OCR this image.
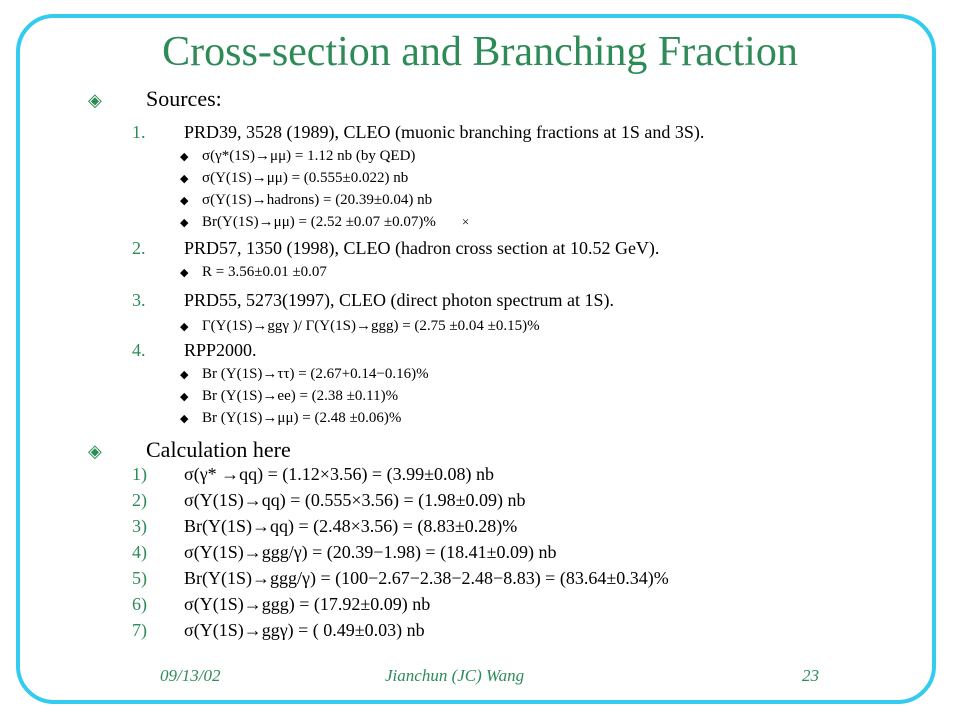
Cross-section and Branching Fraction
◈ Sources:
1. PRD39, 3528 (1989), CLEO (muonic branching fractions at 1S and 3S).
◆ σ(γ*(1S)→μμ) = 1.12 nb (by QED)
◆ σ(Υ(1S)→μμ) = (0.555±0.022) nb
◆ σ(Υ(1S)→hadrons) = (20.39±0.04) nb
◆ Br(Υ(1S)→μμ) = (2.52 ±0.07 ±0.07)% ×
2. PRD57, 1350 (1998), CLEO (hadron cross section at 10.52 GeV).
◆ R = 3.56±0.01 ±0.07
3. PRD55, 5273(1997), CLEO (direct photon spectrum at 1S).
◆ Γ(Υ(1S)→ggγ )/ Γ(Υ(1S)→ggg) = (2.75 ±0.04 ±0.15)%
4. RPP2000.
◆ Br (Υ(1S)→ττ) = (2.67+0.14−0.16)%
◆ Br (Υ(1S)→ee) = (2.38 ±0.11)%
◆ Br (Υ(1S)→μμ) = (2.48 ±0.06)%
◈ Calculation here
1) σ(γ* →qq) = (1.12×3.56) = (3.99±0.08) nb
2) σ(Υ(1S)→qq) = (0.555×3.56) = (1.98±0.09) nb
3) Br(Υ(1S)→qq) = (2.48×3.56) = (8.83±0.28)%
4) σ(Υ(1S)→ggg/γ) = (20.39−1.98) = (18.41±0.09) nb
5) Br(Υ(1S)→ggg/γ) = (100−2.67−2.38−2.48−8.83) = (83.64±0.34)%
6) σ(Υ(1S)→ggg) = (17.92±0.09) nb
7) σ(Υ(1S)→ggγ) = ( 0.49±0.03) nb
09/13/02	Jianchun (JC) Wang	23
